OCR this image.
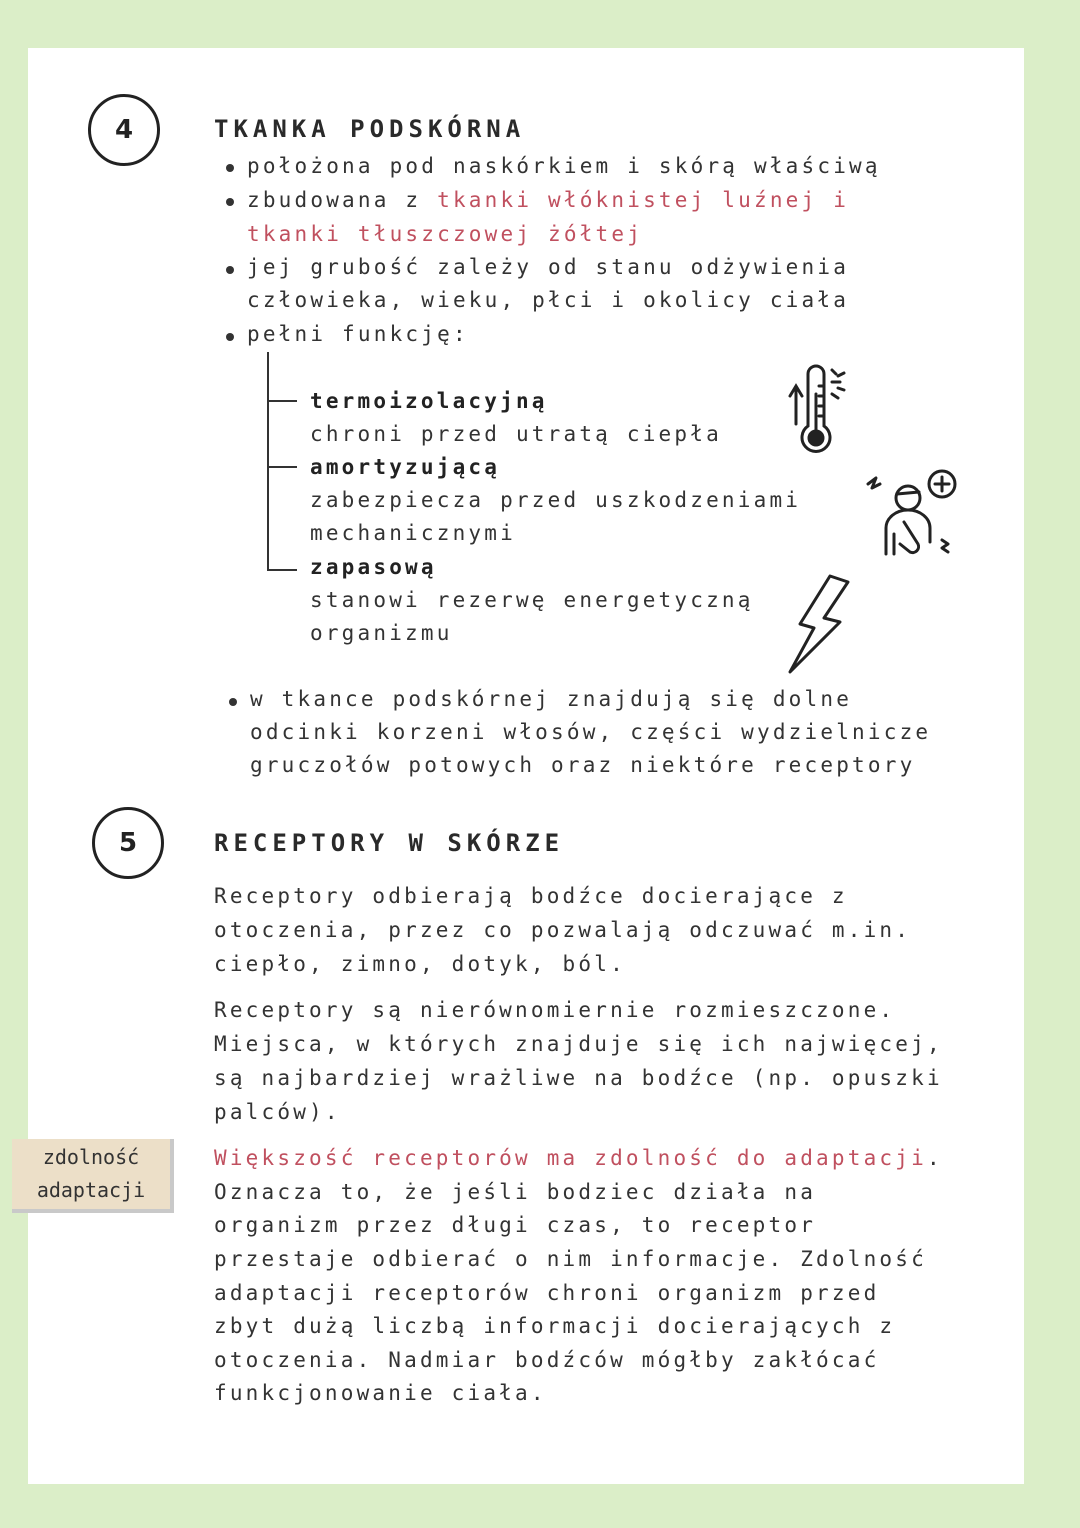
4	TKANKA PODSKÓRNA
położona pod naskórkiem i skórą właściwą
zbudowana z tkanki włóknistej luźnej i
tkanki tłuszczowej żółtej
jej grubość zależy od stanu odżywienia
człowieka, wieku, płci i okolicy ciała
pełni funkcję:
termoizolacyjną
chroni przed utratą ciepła
amortyzującą
zabezpiecza przed uszkodzeniami
mechanicznymi
zapasową
stanowi rezerwę energetyczną
organizmu
w tkance podskórnej znajdują się dolne
odcinki korzeni włosów, części wydzielnicze
gruczołów potowych oraz niektóre receptory
5	RECEPTORY W SKÓRZE
Receptory odbierają bodźce docierające z
otoczenia, przez co pozwalają odczuwać m.in.
ciepło, zimno, dotyk, ból.
Receptory są nierównomiernie rozmieszczone.
Miejsca, w których znajduje się ich najwięcej,
są najbardziej wrażliwe na bodźce (np. opuszki
palców).
Większość receptorów ma zdolność do adaptacji.
Oznacza to, że jeśli bodziec działa na
organizm przez długi czas, to receptor
przestaje odbierać o nim informacje. Zdolność
adaptacji receptorów chroni organizm przed
zbyt dużą liczbą informacji docierających z
otoczenia. Nadmiar bodźców mógłby zakłócać
funkcjonowanie ciała.
zdolność
adaptacji
